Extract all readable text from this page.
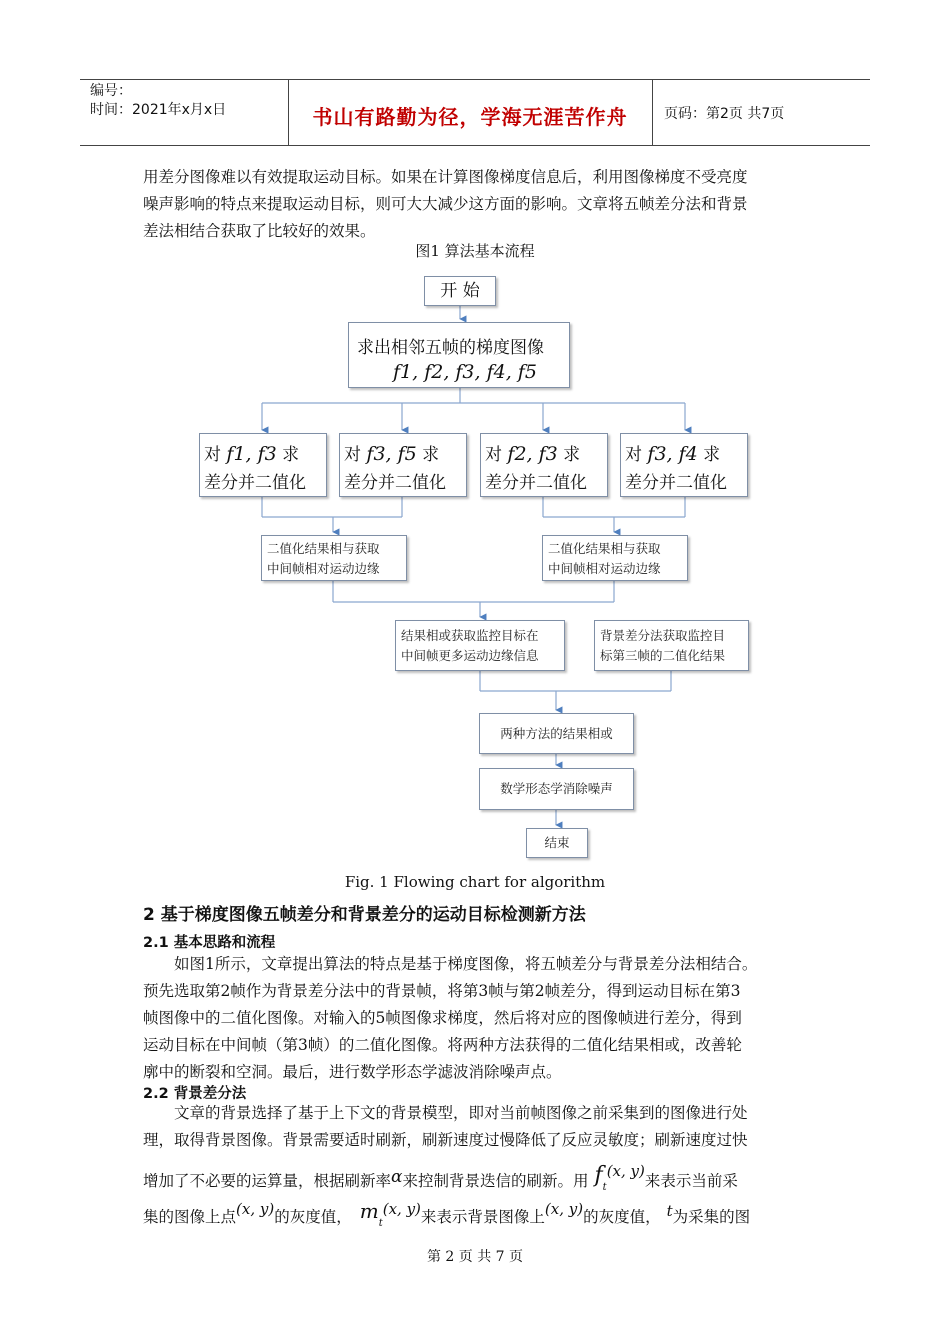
编号：
时间：2021年x月x日	书山有路勤为径，学海无涯苦作舟	页码：第2页 共7页
用差分图像难以有效提取运动目标。如果在计算图像梯度信息后，利用图像梯度不受亮度
噪声影响的特点来提取运动目标，则可大大减少这方面的影响。文章将五帧差分法和背景
差法相结合获取了比较好的效果。
图1 算法基本流程
开 始
求出相邻五帧的梯度图像
f1, f2, f3, f4, f5
对 f1, f3 求
差分并二值化
对 f3, f5 求
差分并二值化
对 f2, f3 求
差分并二值化
对 f3, f4 求
差分并二值化
二值化结果相与获取
中间帧相对运动边缘
二值化结果相与获取
中间帧相对运动边缘
结果相或获取监控目标在
中间帧更多运动边缘信息
背景差分法获取监控目
标第三帧的二值化结果
两种方法的结果相或
数学形态学消除噪声
结束
Fig. 1 Flowing chart for algorithm
2 基于梯度图像五帧差分和背景差分的运动目标检测新方法
2.1 基本思路和流程
如图1所示，文章提出算法的特点是基于梯度图像，将五帧差分与背景差分法相结合。
预先选取第2帧作为背景差分法中的背景帧，将第3帧与第2帧差分，得到运动目标在第3
帧图像中的二值化图像。对输入的5帧图像求梯度，然后将对应的图像帧进行差分，得到
运动目标在中间帧（第3帧）的二值化图像。将两种方法获得的二值化结果相或，改善轮
廓中的断裂和空洞。最后，进行数学形态学滤波消除噪声点。
2.2 背景差分法
文章的背景选择了基于上下文的背景模型，即对当前帧图像之前采集到的图像进行处
理，取得背景图像。背景需要适时刷新，刷新速度过慢降低了反应灵敏度；刷新速度过快
增加了不必要的运算量，根据刷新率α来控制背景迭信的刷新。用 $f_t(x$, y)来表示当前采
集的图像上点(x, y)的灰度值， $m_t(x$, y)来表示背景图像上(x, y)的灰度值， t为采集的图
第 2 页 共 7 页
